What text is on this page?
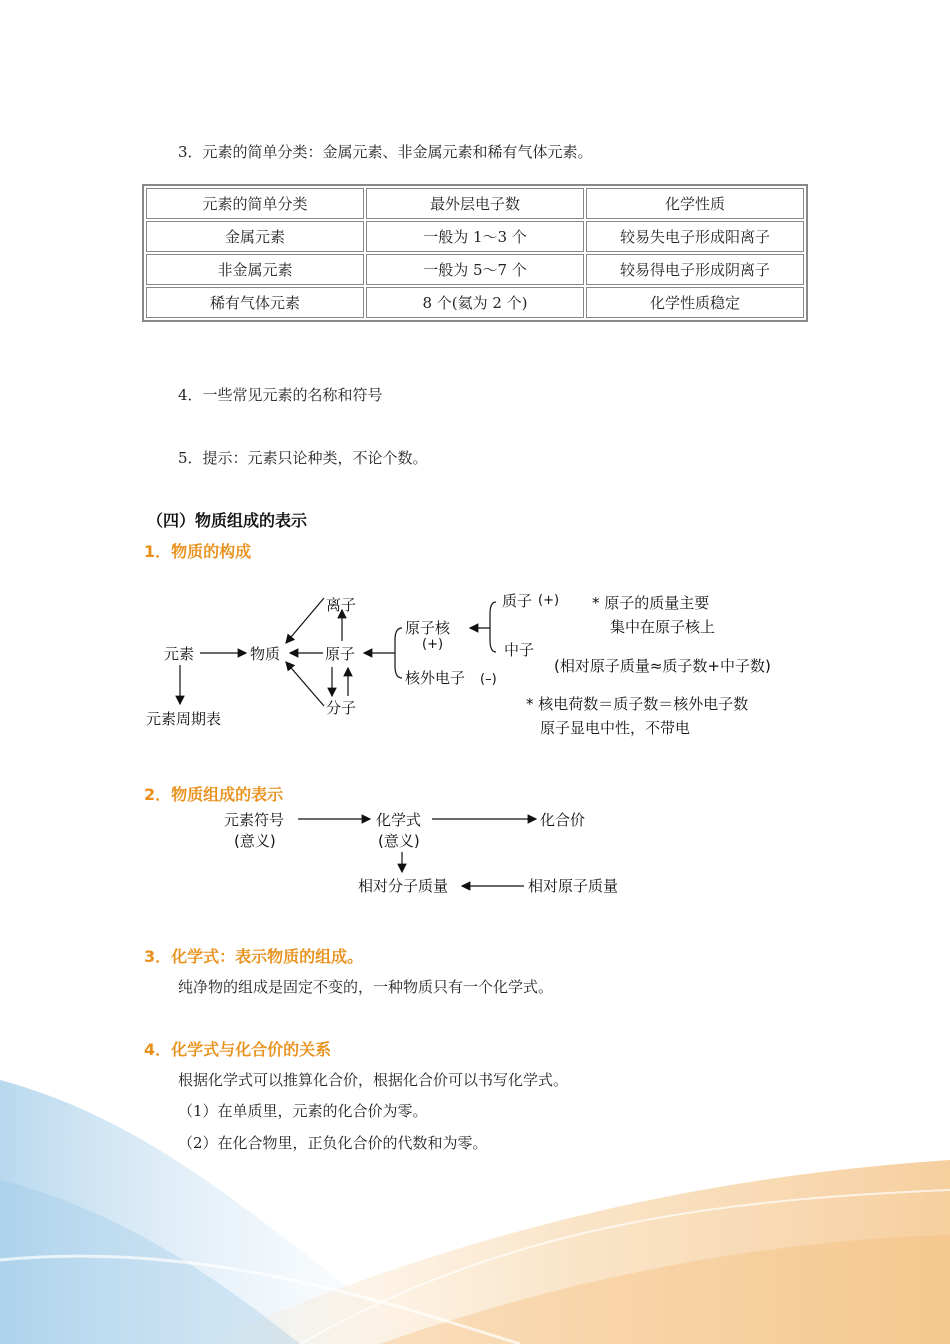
3．元素的简单分类：金属元素、非金属元素和稀有气体元素。
元素的简单分类	最外层电子数	化学性质
金属元素	一般为 1～3 个	较易失电子形成阳离子
非金属元素	一般为 5～7 个	较易得电子形成阴离子
稀有气体元素	8 个(氦为 2 个)	化学性质稳定
4．一些常见元素的名称和符号
5．提示：元素只论种类，不论个数。
（四）物质组成的表示
1．物质的构成
元素
元素周期表
物质
离子
原子
分子
原子核
(+)
核外电子 (–)
质子 (+)
中子
* 原子的质量主要
集中在原子核上
(相对原子质量≈质子数+中子数)
* 核电荷数＝质子数＝核外电子数
原子显电中性，不带电
2．物质组成的表示
元素符号
(意义)
化学式
(意义)
化合价
相对分子质量	相对原子质量
3．化学式：表示物质的组成。
纯净物的组成是固定不变的，一种物质只有一个化学式。
4．化学式与化合价的关系
根据化学式可以推算化合价，根据化合价可以书写化学式。
（1）在单质里，元素的化合价为零。
（2）在化合物里，正负化合价的代数和为零。
